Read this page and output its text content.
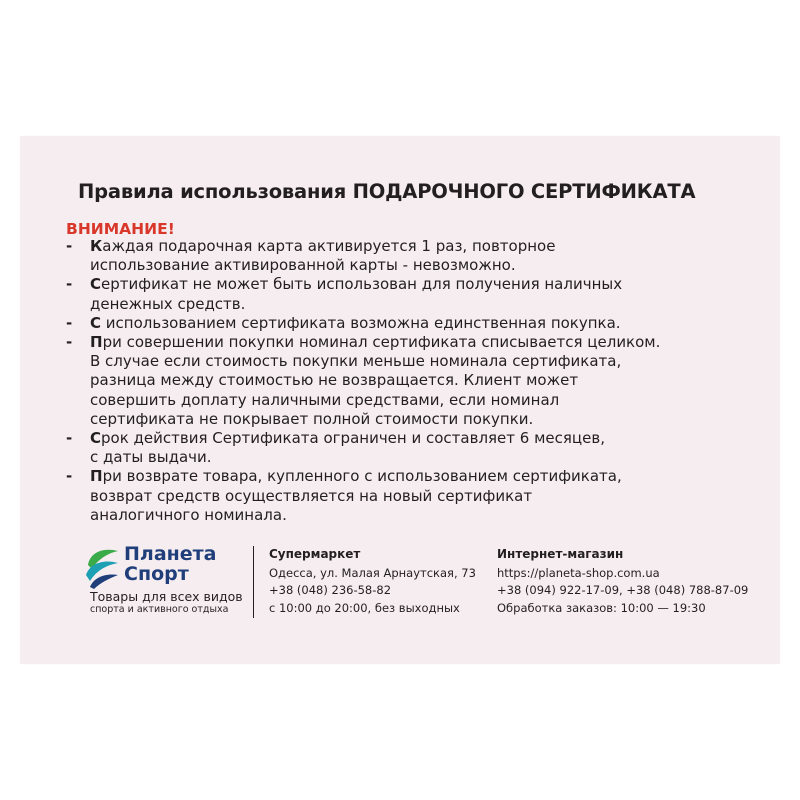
Правила использования ПОДАРОЧНОГО СЕРТИФИКАТА
ВНИМАНИЕ!
- Каждая подарочная карта активируется 1 раз, повторное
использование активированной карты - невозможно.
- Сертификат не может быть использован для получения наличных
денежных средств.
- С использованием сертификата возможна единственная покупка.
- При совершении покупки номинал сертификата списывается целиком.
В случае если стоимость покупки меньше номинала сертификата,
разница между стоимостью не возвращается. Клиент может
совершить доплату наличными средствами, если номинал
сертификата не покрывает полной стоимости покупки.
- Срок действия Сертификата ограничен и составляет 6 месяцев,
с даты выдачи.
- При возврате товара, купленного с использованием сертификата,
возврат средств осуществляется на новый сертификат
аналогичного номинала.
Планета
Спорт
Товары для всех видов
спорта и активного отдыха
Супермаркет
Одесса, ул. Малая Арнаутская, 73
+38 (048) 236-58-82
с 10:00 до 20:00, без выходных
Интернет-магазин
https://planeta-shop.com.ua
+38 (094) 922-17-09, +38 (048) 788-87-09
Обработка заказов: 10:00 — 19:30
